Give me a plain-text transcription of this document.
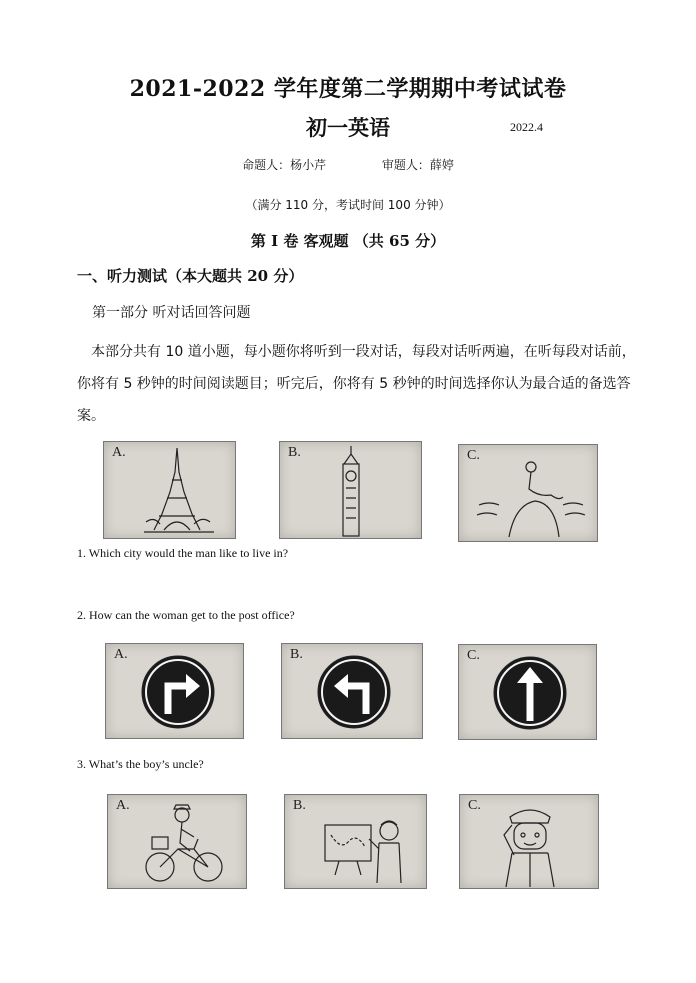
2021-2022 学年度第二学期期中考试试卷
初一英语	2022.4
命题人：杨小芹	审题人：薛婷
（满分 110 分，考试时间 100 分钟）
第 I 卷 客观题 （共 65 分）
一、听力测试（本大题共 20 分）
第一部分 听对话回答问题
本部分共有 10 道小题，每小题你将听到一段对话，每段对话听两遍，在听每段对话前，你将有 5 秒钟的时间阅读题目；听完后，你将有 5 秒钟的时间选择你认为最合适的备选答案。
A.	B.	C.
1. Which city would the man like to live in?
2. How can the woman get to the post office?
A.	B.	C.
3. What’s the boy’s uncle?
A.	B.	C.
